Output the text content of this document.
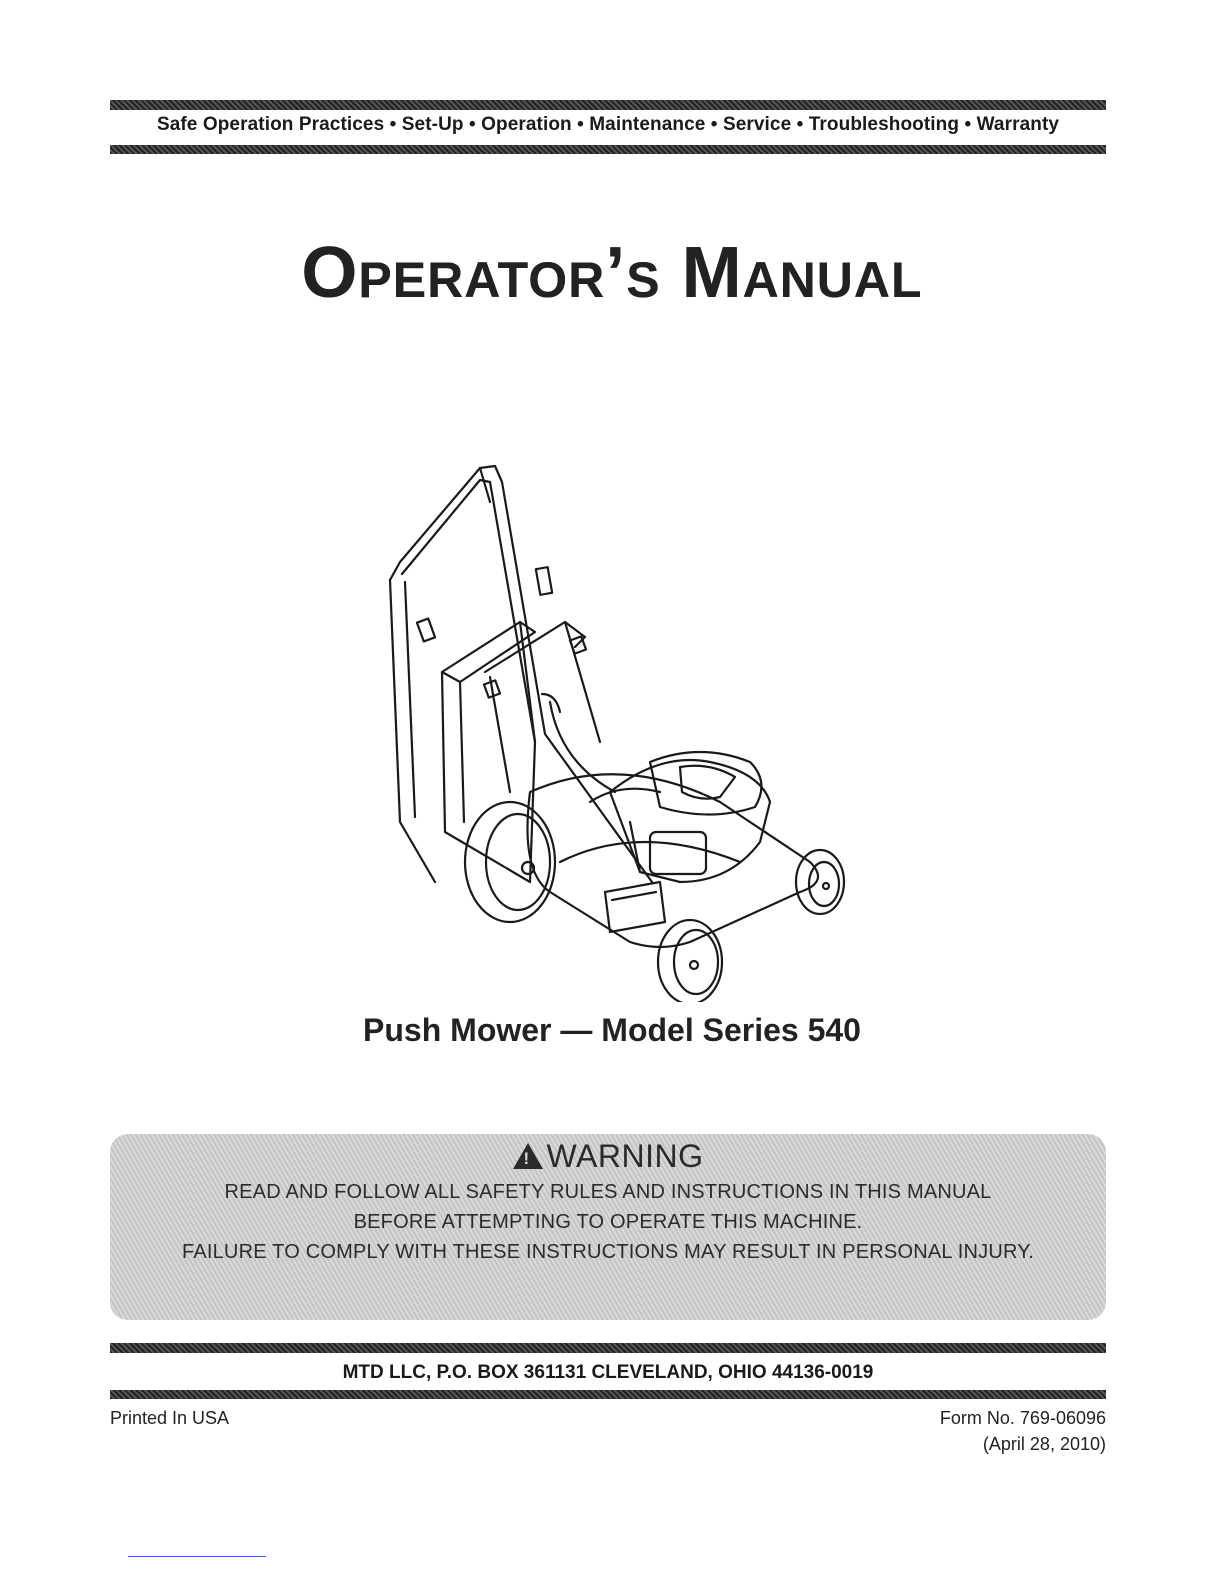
Safe Operation Practices • Set-Up • Operation • Maintenance • Service • Troubleshooting • Warranty
Operator’s Manual
Push Mower — Model Series 540
!WARNING
READ AND FOLLOW ALL SAFETY RULES AND INSTRUCTIONS IN THIS MANUAL
BEFORE ATTEMPTING TO OPERATE THIS MACHINE.
FAILURE TO COMPLY WITH THESE INSTRUCTIONS MAY RESULT IN PERSONAL INJURY.
MTD LLC, P.O. BOX 361131 CLEVELAND, OHIO 44136-0019
Printed In USA	Form No. 769-06096
(April 28, 2010)
